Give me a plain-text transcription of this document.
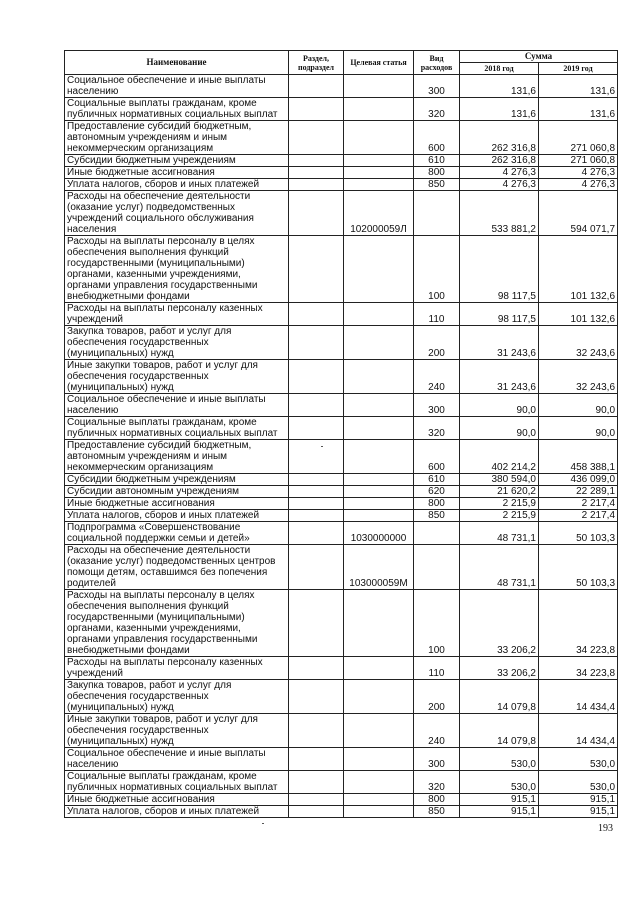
Наименование	Раздел, подраздел	Целевая статья	Вид расходов	Сумма	
				2018 год	2019 год
Социальное обеспечение и иные выплаты населению			300	131,6	131,6
Социальные выплаты гражданам, кроме публичных нормативных социальных выплат			320	131,6	131,6
Предоставление субсидий бюджетным, автономным учреждениям и иным некоммерческим организациям			600	262 316,8	271 060,8
Субсидии бюджетным учреждениям			610	262 316,8	271 060,8
Иные бюджетные ассигнования			800	4 276,3	4 276,3
Уплата налогов, сборов и иных платежей			850	4 276,3	4 276,3
Расходы на обеспечение деятельности (оказание услуг) подведомственных учреждений социального обслуживания населения		102000059Л		533 881,2	594 071,7
Расходы на выплаты персоналу в целях обеспечения выполнения функций государственными (муниципальными) органами, казенными учреждениями, органами управления государственными внебюджетными фондами			100	98 117,5	101 132,6
Расходы на выплаты персоналу казенных учреждений			110	98 117,5	101 132,6
Закупка товаров, работ и услуг для обеспечения государственных (муниципальных) нужд			200	31 243,6	32 243,6
Иные закупки товаров, работ и услуг для обеспечения государственных (муниципальных) нужд			240	31 243,6	32 243,6
Социальное обеспечение и иные выплаты населению			300	90,0	90,0
Социальные выплаты гражданам, кроме публичных нормативных социальных выплат			320	90,0	90,0
Предоставление субсидий бюджетным, автономным учреждениям и иным некоммерческим организациям			600	402 214,2	458 388,1
Субсидии бюджетным учреждениям			610	380 594,0	436 099,0
Субсидии автономным учреждениям			620	21 620,2	22 289,1
Иные бюджетные ассигнования			800	2 215,9	2 217,4
Уплата налогов, сборов и иных платежей			850	2 215,9	2 217,4
Подпрограмма «Совершенствование социальной поддержки семьи и детей»		1030000000		48 731,1	50 103,3
Расходы на обеспечение деятельности (оказание услуг) подведомственных центров помощи детям, оставшимся без попечения родителей		103000059М		48 731,1	50 103,3
Расходы на выплаты персоналу в целях обеспечения выполнения функций государственными (муниципальными) органами, казенными учреждениями, органами управления государственными внебюджетными фондами			100	33 206,2	34 223,8
Расходы на выплаты персоналу казенных учреждений			110	33 206,2	34 223,8
Закупка товаров, работ и услуг для обеспечения государственных (муниципальных) нужд			200	14 079,8	14 434,4
Иные закупки товаров, работ и услуг для обеспечения государственных (муниципальных) нужд			240	14 079,8	14 434,4
Социальное обеспечение и иные выплаты населению			300	530,0	530,0
Социальные выплаты гражданам, кроме публичных нормативных социальных выплат			320	530,0	530,0
Иные бюджетные ассигнования			800	915,1	915,1
Уплата налогов, сборов и иных платежей			850	915,1	915,1
193
